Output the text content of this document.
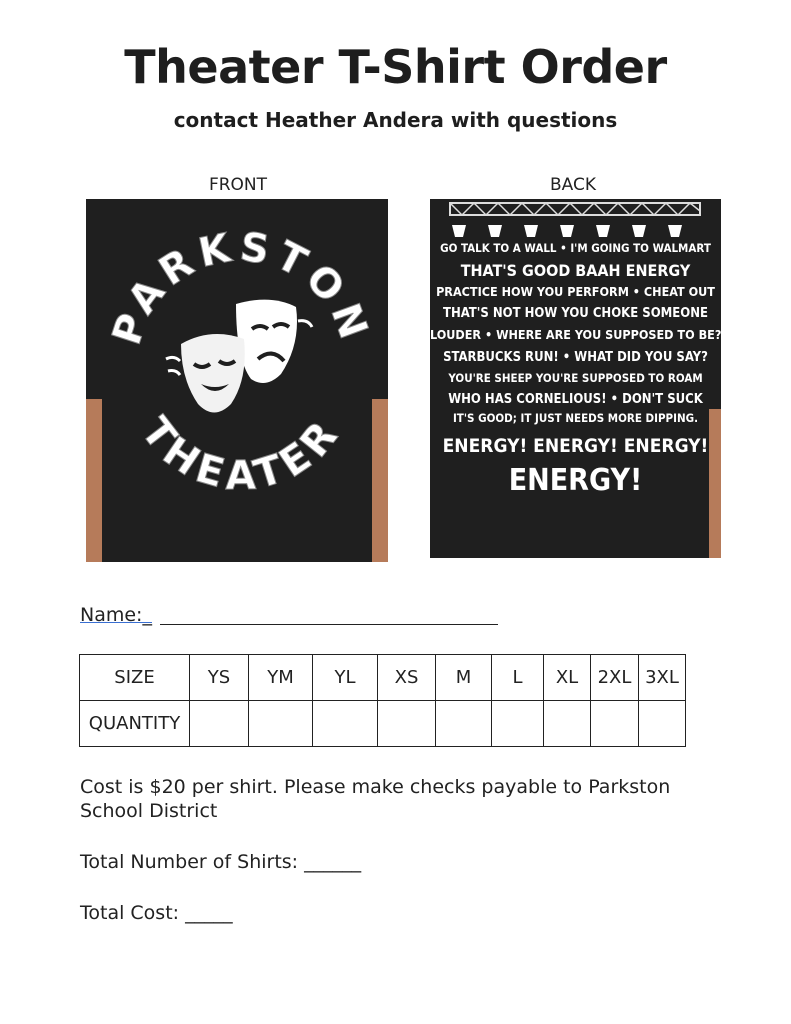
Theater T-Shirt Order
contact Heather Andera with questions
FRONT	BACK
PARKSTON
THEATER
GO TALK TO A WALL • I'M GOING TO WALMART
THAT'S GOOD BAAH ENERGY
PRACTICE HOW YOU PERFORM • CHEAT OUT
THAT'S NOT HOW YOU CHOKE SOMEONE
LOUDER • WHERE ARE YOU SUPPOSED TO BE?
STARBUCKS RUN! • WHAT DID YOU SAY?
YOU'RE SHEEP YOU'RE SUPPOSED TO ROAM
WHO HAS CORNELIOUS! • DON'T SUCK
IT'S GOOD; IT JUST NEEDS MORE DIPPING.
ENERGY! ENERGY! ENERGY!
ENERGY!
Name:_
SIZE	YS	YM	YL	XS	M	L	XL	2XL	3XL
QUANTITY									
Cost is $20 per shirt. Please make checks payable to Parkston School District
Total Number of Shirts: ______
Total Cost: _____
